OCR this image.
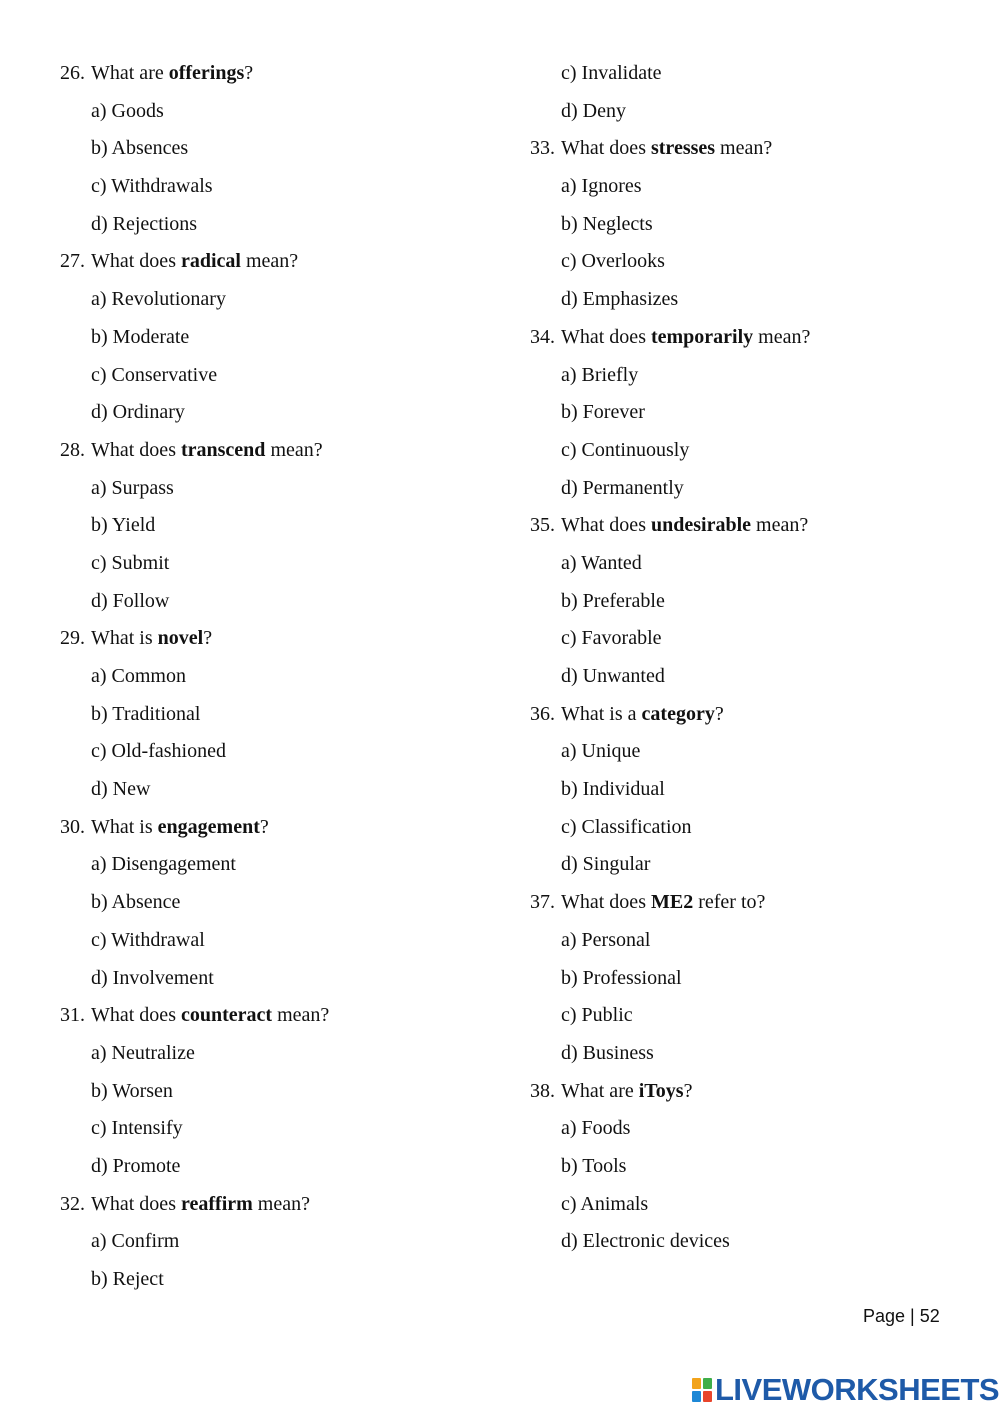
26. What are offerings?
a) Goods
b) Absences
c) Withdrawals
d) Rejections
27. What does radical mean?
a) Revolutionary
b) Moderate
c) Conservative
d) Ordinary
28. What does transcend mean?
a) Surpass
b) Yield
c) Submit
d) Follow
29. What is novel?
a) Common
b) Traditional
c) Old-fashioned
d) New
30. What is engagement?
a) Disengagement
b) Absence
c) Withdrawal
d) Involvement
31. What does counteract mean?
a) Neutralize
b) Worsen
c) Intensify
d) Promote
32. What does reaffirm mean?
a) Confirm
b) Reject
c) Invalidate
d) Deny
33. What does stresses mean?
a) Ignores
b) Neglects
c) Overlooks
d) Emphasizes
34. What does temporarily mean?
a) Briefly
b) Forever
c) Continuously
d) Permanently
35. What does undesirable mean?
a) Wanted
b) Preferable
c) Favorable
d) Unwanted
36. What is a category?
a) Unique
b) Individual
c) Classification
d) Singular
37. What does ME2 refer to?
a) Personal
b) Professional
c) Public
d) Business
38. What are iToys?
a) Foods
b) Tools
c) Animals
d) Electronic devices
Page | 52
LIVEWORKSHEETS
